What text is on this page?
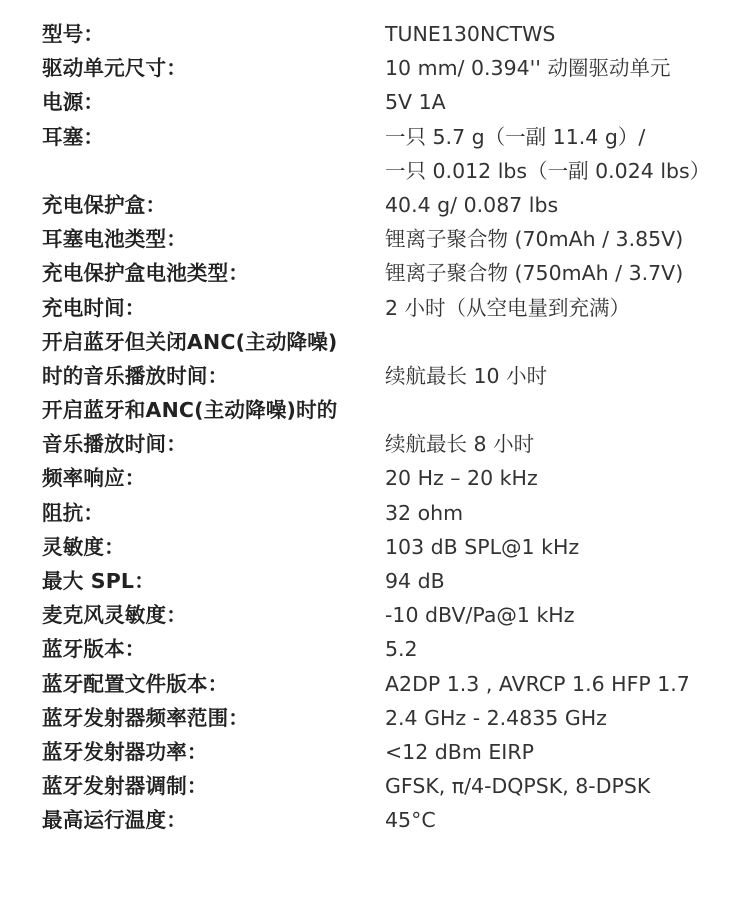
型号：	TUNE130NCTWS
驱动单元尺寸：	10 mm/ 0.394'' 动圈驱动单元
电源：	5V 1A
耳塞：	一只 5.7 g（一副 11.4 g）/
一只 0.012 lbs（一副 0.024 lbs）
充电保护盒：	40.4 g/ 0.087 lbs
耳塞电池类型：	锂离子聚合物 (70mAh / 3.85V)
充电保护盒电池类型：	锂离子聚合物 (750mAh / 3.7V)
充电时间：	2 小时（从空电量到充满）
开启蓝牙但关闭ANC(主动降噪)
时的音乐播放时间：	续航最长 10 小时
开启蓝牙和ANC(主动降噪)时的
音乐播放时间：	续航最长 8 小时
频率响应：	20 Hz – 20 kHz
阻抗：	32 ohm
灵敏度：	103 dB SPL@1 kHz
最大 SPL：	94 dB
麦克风灵敏度：	-10 dBV/Pa@1 kHz
蓝牙版本：	5.2
蓝牙配置文件版本：	A2DP 1.3 , AVRCP 1.6 HFP 1.7
蓝牙发射器频率范围：	2.4 GHz - 2.4835 GHz
蓝牙发射器功率：	<12 dBm EIRP
蓝牙发射器调制：	GFSK, π/4-DQPSK, 8-DPSK
最高运行温度：	45°C
